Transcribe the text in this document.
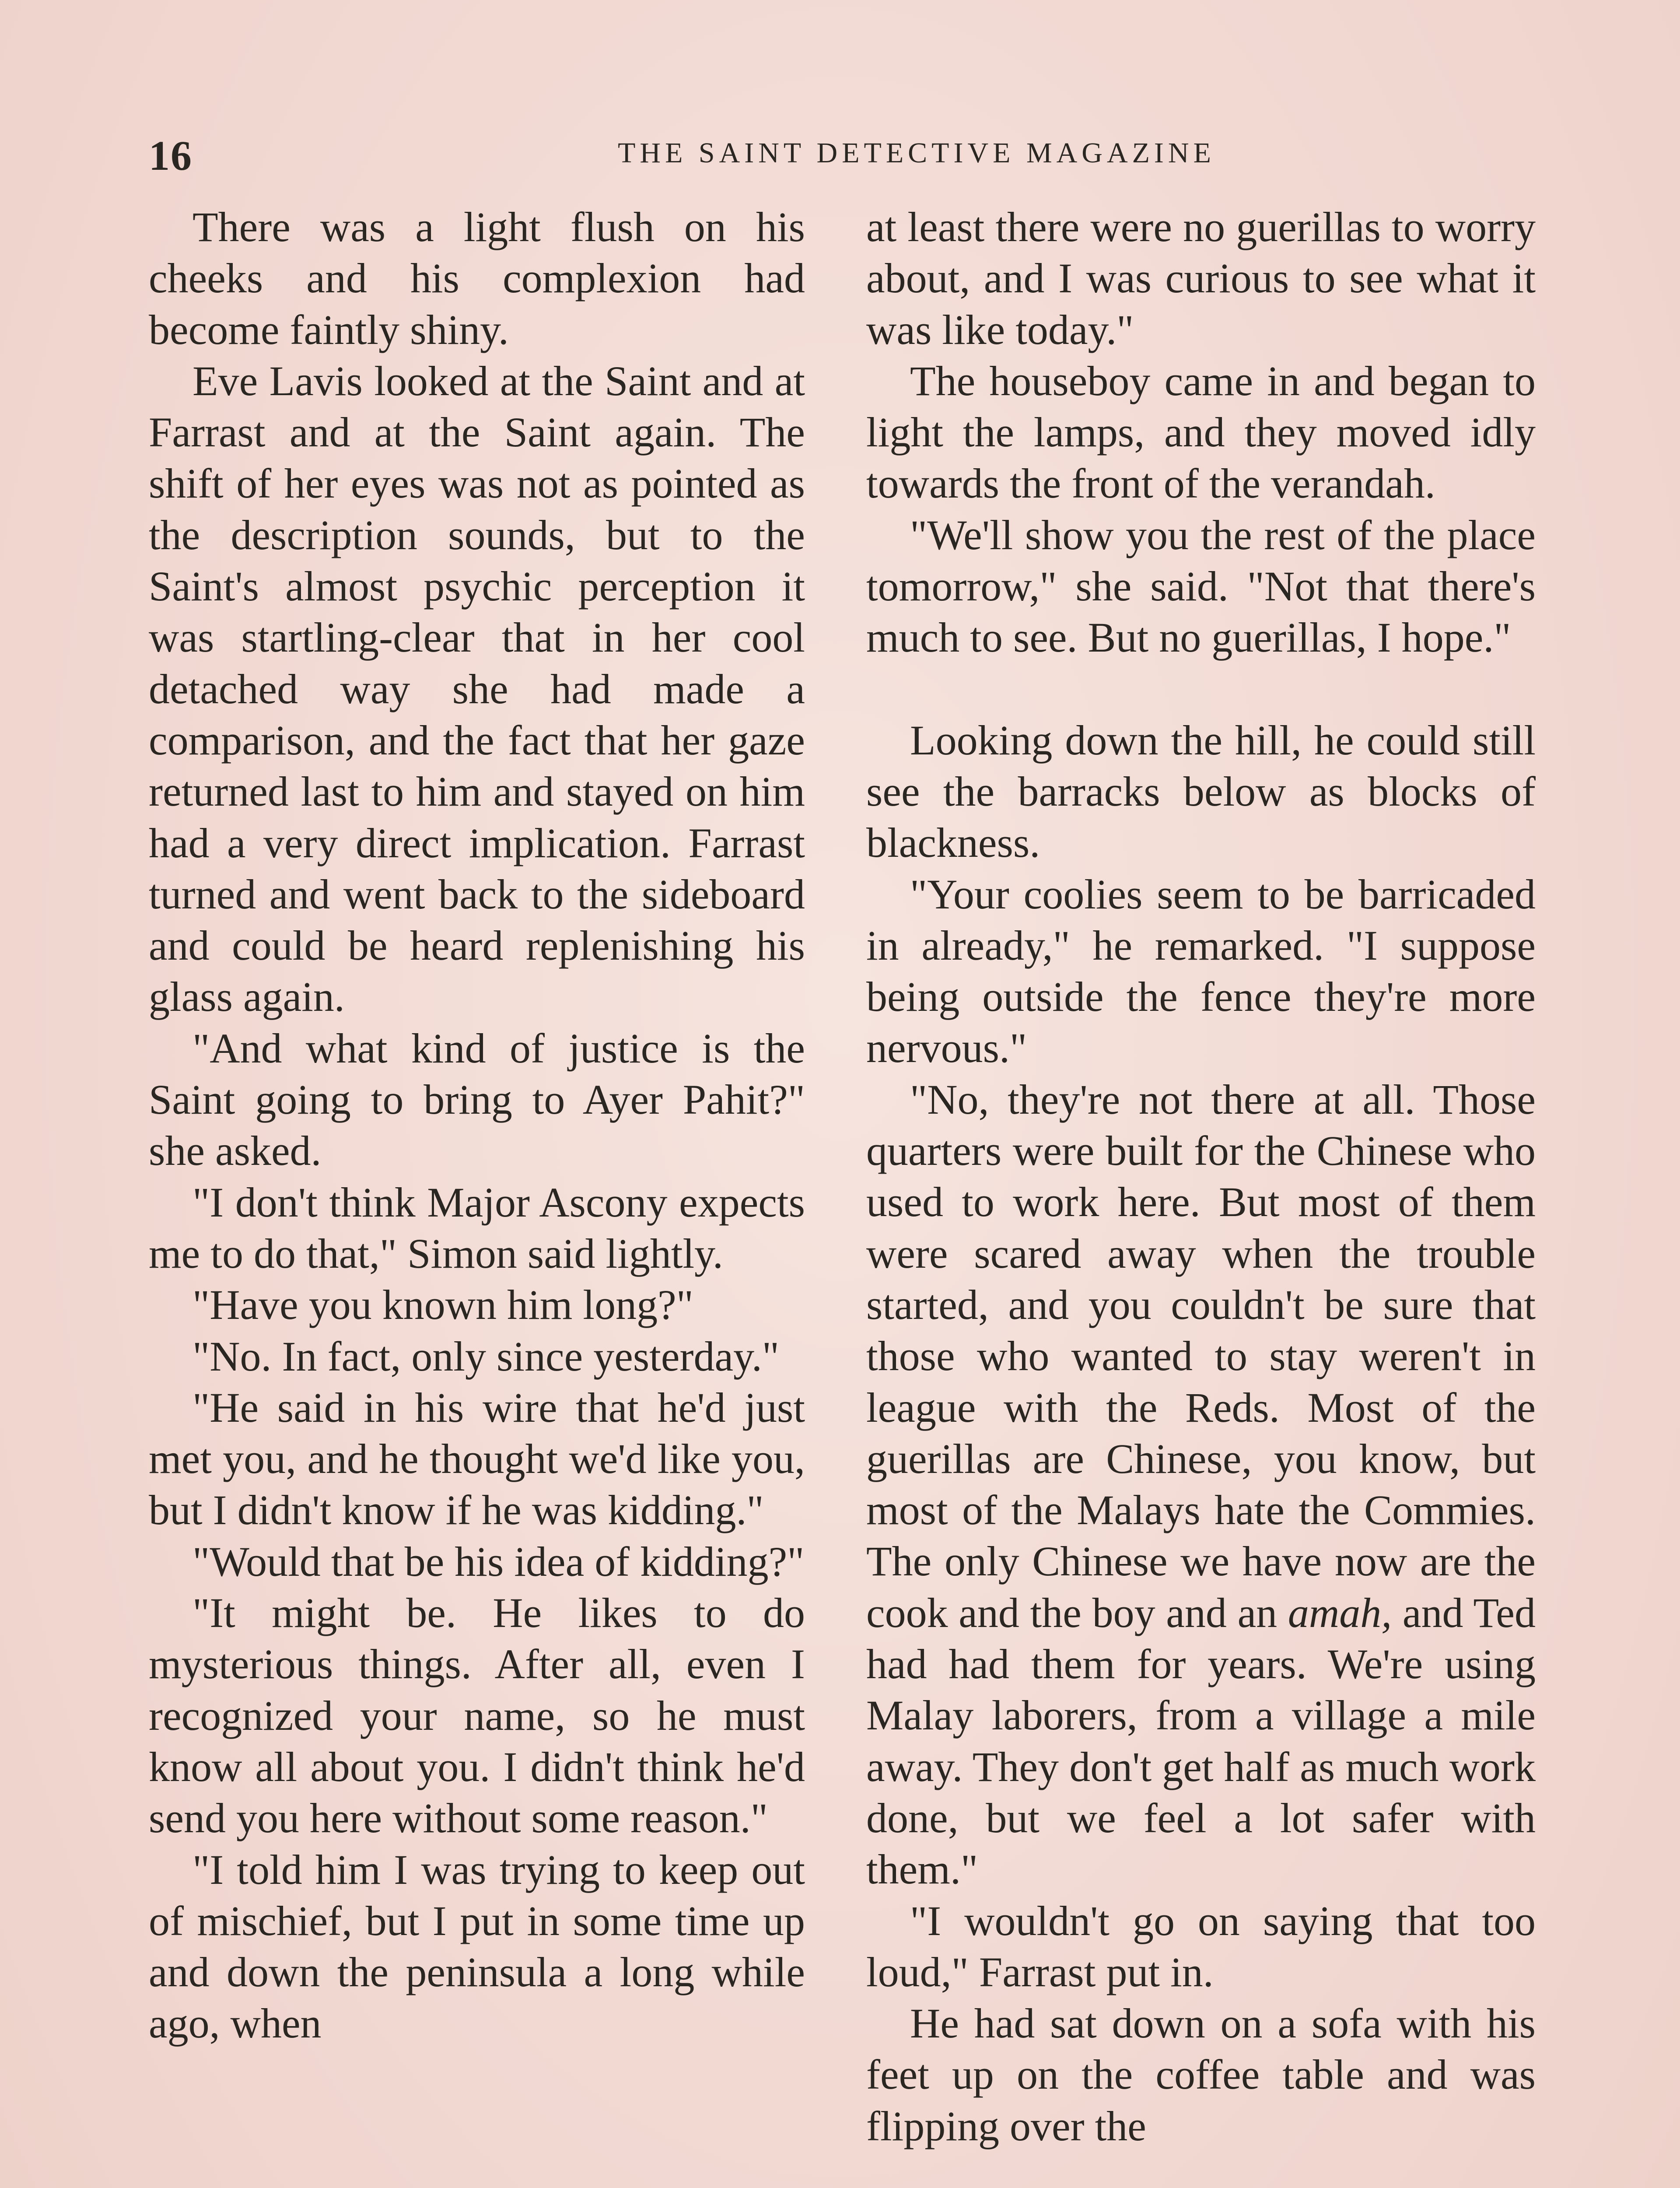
16	THE SAINT DETECTIVE MAGAZINE

There was a light flush on his cheeks and his complexion had become faintly shiny.

Eve Lavis looked at the Saint and at Farrast and at the Saint again. The shift of her eyes was not as pointed as the description sounds, but to the Saint's almost psychic perception it was startling-clear that in her cool detached way she had made a comparison, and the fact that her gaze returned last to him and stayed on him had a very direct implication. Farrast turned and went back to the sideboard and could be heard replenishing his glass again.

"And what kind of justice is the Saint going to bring to Ayer Pahit?" she asked.

"I don't think Major Ascony expects me to do that," Simon said lightly.

"Have you known him long?"

"No. In fact, only since yesterday."

"He said in his wire that he'd just met you, and he thought we'd like you, but I didn't know if he was kidding."

"Would that be his idea of kidding?"

"It might be. He likes to do mysterious things. After all, even I recognized your name, so he must know all about you. I didn't think he'd send you here without some reason."

"I told him I was trying to keep out of mischief, but I put in some time up and down the peninsula a long while ago, when

at least there were no guerillas to worry about, and I was curious to see what it was like today."

The houseboy came in and began to light the lamps, and they moved idly towards the front of the verandah.

"We'll show you the rest of the place tomorrow," she said. "Not that there's much to see. But no guerillas, I hope."

Looking down the hill, he could still see the barracks below as blocks of blackness.

"Your coolies seem to be barricaded in already," he remarked. "I suppose being outside the fence they're more nervous."

"No, they're not there at all. Those quarters were built for the Chinese who used to work here. But most of them were scared away when the trouble started, and you couldn't be sure that those who wanted to stay weren't in league with the Reds. Most of the guerillas are Chinese, you know, but most of the Malays hate the Commies. The only Chinese we have now are the cook and the boy and an amah, and Ted had had them for years. We're using Malay laborers, from a village a mile away. They don't get half as much work done, but we feel a lot safer with them."

"I wouldn't go on saying that too loud," Farrast put in.

He had sat down on a sofa with his feet up on the coffee table and was flipping over the
